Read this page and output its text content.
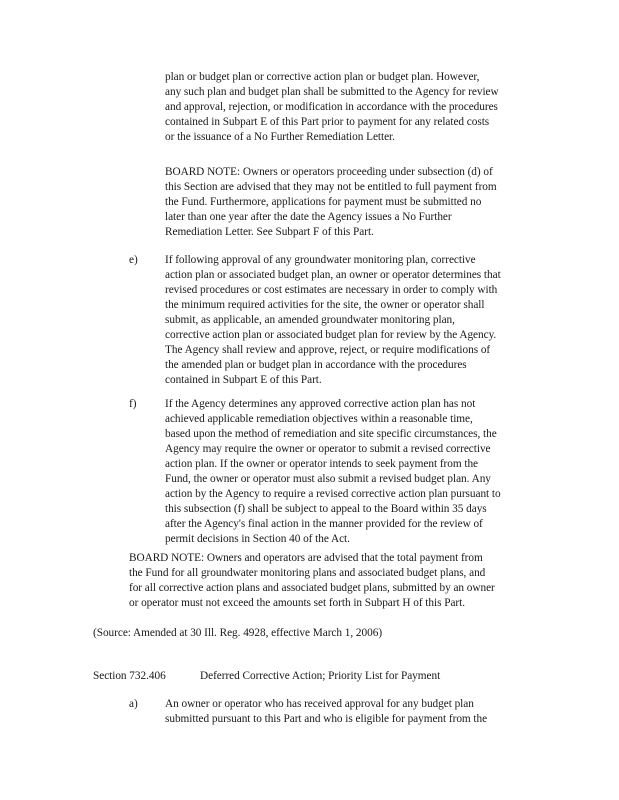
plan or budget plan or corrective action plan or budget plan. However,
any such plan and budget plan shall be submitted to the Agency for review
and approval, rejection, or modification in accordance with the procedures
contained in Subpart E of this Part prior to payment for any related costs
or the issuance of a No Further Remediation Letter.
BOARD NOTE: Owners or operators proceeding under subsection (d) of
this Section are advised that they may not be entitled to full payment from
the Fund. Furthermore, applications for payment must be submitted no
later than one year after the date the Agency issues a No Further
Remediation Letter. See Subpart F of this Part.
e) If following approval of any groundwater monitoring plan, corrective
action plan or associated budget plan, an owner or operator determines that
revised procedures or cost estimates are necessary in order to comply with
the minimum required activities for the site, the owner or operator shall
submit, as applicable, an amended groundwater monitoring plan,
corrective action plan or associated budget plan for review by the Agency.
The Agency shall review and approve, reject, or require modifications of
the amended plan or budget plan in accordance with the procedures
contained in Subpart E of this Part.
f)	If the Agency determines any approved corrective action plan has not
achieved applicable remediation objectives within a reasonable time,
based upon the method of remediation and site specific circumstances, the
Agency may require the owner or operator to submit a revised corrective
action plan. If the owner or operator intends to seek payment from the
Fund, the owner or operator must also submit a revised budget plan. Any
action by the Agency to require a revised corrective action plan pursuant to
this subsection (f) shall be subject to appeal to the Board within 35 days
after the Agency's final action in the manner provided for the review of
permit decisions in Section 40 of the Act.
BOARD NOTE: Owners and operators are advised that the total payment from
the Fund for all groundwater monitoring plans and associated budget plans, and
for all corrective action plans and associated budget plans, submitted by an owner
or operator must not exceed the amounts set forth in Subpart H of this Part.
(Source: Amended at 30 Ill. Reg. 4928, effective March 1, 2006)
Section 732.406	Deferred Corrective Action; Priority List for Payment
a) An owner or operator who has received approval for any budget plan
submitted pursuant to this Part and who is eligible for payment from the
